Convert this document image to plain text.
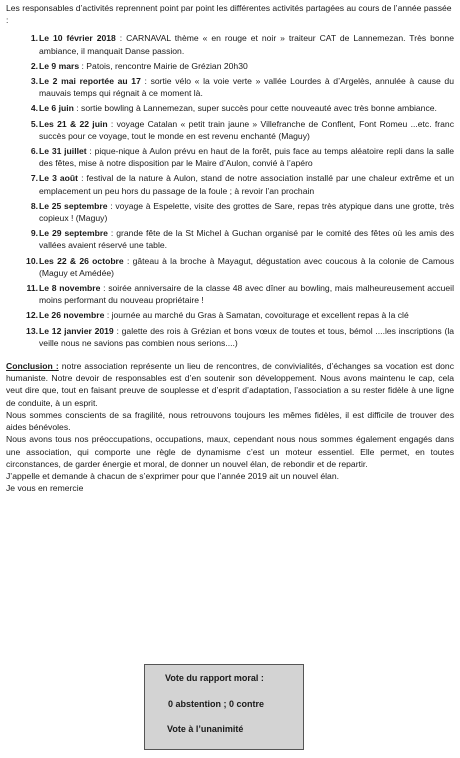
Les responsables d’activités reprennent point par point les différentes activités partagées au cours de l’année passée :

1. Le 10 février 2018 : CARNAVAL thème « en rouge et noir » traiteur CAT de Lannemezan. Très bonne ambiance, il manquait Danse passion.
2. Le 9 mars : Patois, rencontre Mairie de Grézian 20h30
3. Le 2 mai reportée au 17 : sortie vélo « la voie verte » vallée Lourdes à d’Argelès, annulée à cause du mauvais temps qui régnait à ce moment là.
4. Le 6 juin : sortie bowling à Lannemezan, super succès pour cette nouveauté avec très bonne ambiance.
5. Les 21 & 22 juin : voyage Catalan « petit train jaune » Villefranche de Conflent, Font Romeu ...etc. franc succès pour ce voyage, tout le monde en est revenu enchanté (Maguy)
6. Le 31 juillet : pique-nique à Aulon prévu en haut de la forêt, puis face au temps aléatoire repli dans la salle des fêtes, mise à notre disposition par le Maire d’Aulon, convié à l’apéro
7. Le 3 août : festival de la nature à Aulon, stand de notre association installé par une chaleur extrême et un emplacement un peu hors du passage de la foule ; à revoir l’an prochain
8. Le 25 septembre : voyage à Espelette, visite des grottes de Sare, repas très atypique dans une grotte, très copieux ! (Maguy)
9. Le 29 septembre : grande fête de la St Michel à Guchan organisé par le comité des fêtes où les amis des vallées avaient réservé une table.
10. Les 22 & 26 octobre : gâteau à la broche à Mayagut, dégustation avec coucous à la colonie de Camous (Maguy et Amédée)
11. Le 8 novembre : soirée anniversaire de la classe 48 avec dîner au bowling, mais malheureusement accueil moins performant du nouveau propriétaire !
12. Le 26 novembre : journée au marché du Gras à Samatan, covoiturage et excellent repas à la clé
13. Le 12 janvier 2019 : galette des rois à Grézian et bons vœux de toutes et tous, bémol ....les inscriptions (la veille nous ne savions pas combien nous serions....)

Conclusion : notre association représente un lieu de rencontres, de convivialités, d’échanges sa vocation est donc humaniste. Notre devoir de responsables est d’en soutenir son développement. Nous avons maintenu le cap, cela veut dire que, tout en faisant preuve de souplesse et d’esprit d’adaptation, l’association a su rester fidèle à une ligne de conduite, à un esprit.

Nous sommes conscients de sa fragilité, nous retrouvons toujours les mêmes fidèles, il est difficile de trouver des aides bénévoles.

Nous avons tous nos préoccupations, occupations, maux, cependant nous nous sommes également engagés dans une association, qui comporte une règle de dynamisme c’est un moteur essentiel. Elle permet, en toutes circonstances, de garder énergie et moral, de donner un nouvel élan, de rebondir et de repartir.

J’appelle et demande à chacun de s’exprimer pour que l’année 2019 ait un nouvel élan.

Je vous en remercie

Vote du rapport moral :
0 abstention ; 0 contre
Vote à l’unanimité
